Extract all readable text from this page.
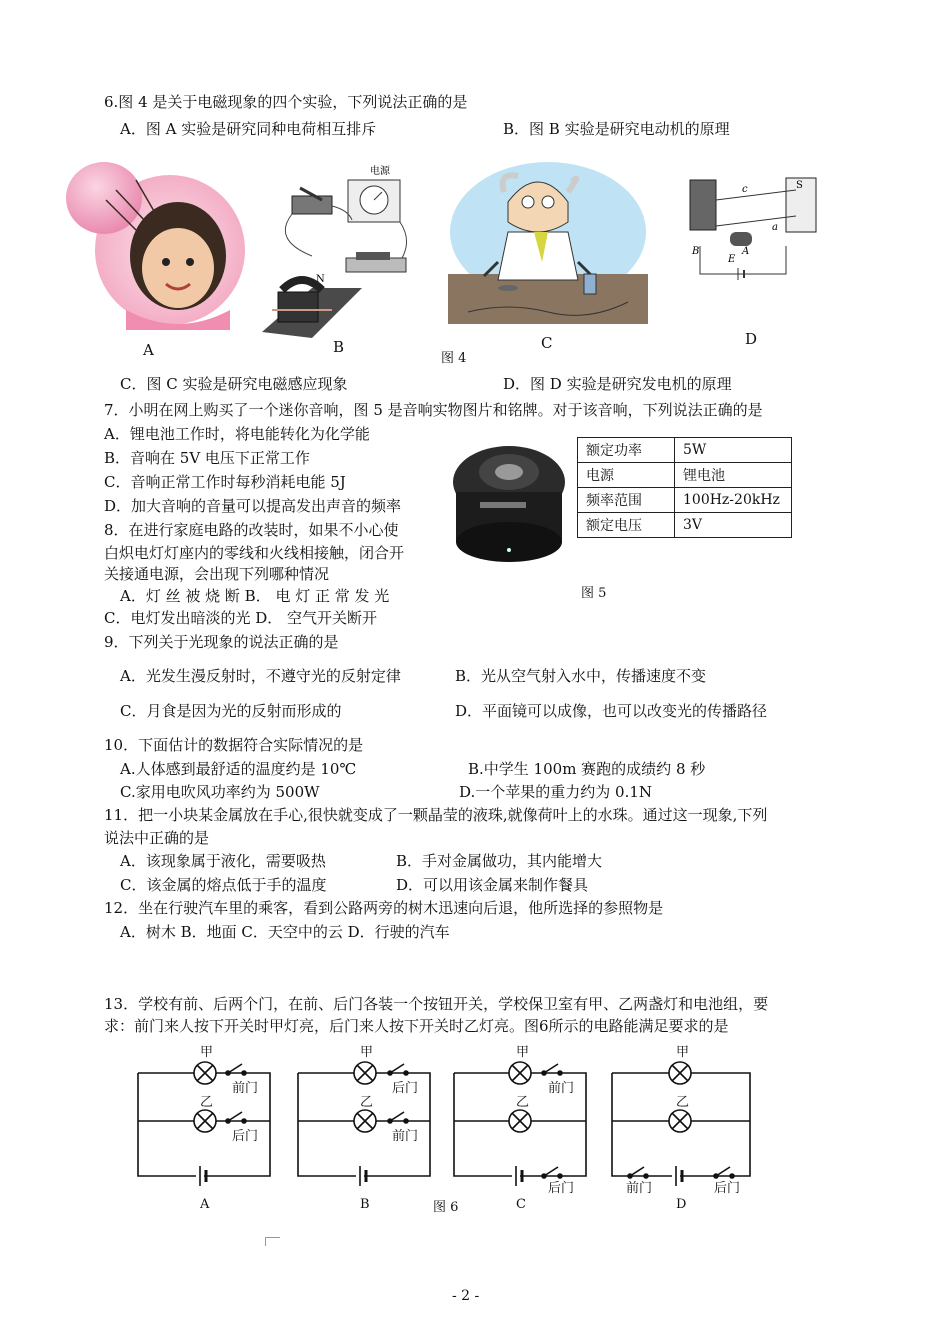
6.图 4 是关于电磁现象的四个实验，下列说法正确的是
A．图 A 实验是研究同种电荷相互排斥	B．图 B 实验是研究电动机的原理
A
电源
N
B	C
c	S
a
B
E
A
D
图 4
C．图 C 实验是研究电磁感应现象	D．图 D 实验是研究发电机的原理
7．小明在网上购买了一个迷你音响，图 5 是音响实物图片和铭牌。对于该音响，下列说法正确的是
A．锂电池工作时，将电能转化为化学能
B．音响在 5V 电压下正常工作
C．音响正常工作时每秒消耗电能 5J
D．加大音响的音量可以提高发出声音的频率
额定功率	5W
电源	锂电池
频率范围	100Hz-20kHz
额定电压	3V
图 5
8．在进行家庭电路的改装时，如果不小心使
白炽电灯灯座内的零线和火线相接触，闭合开
关接通电源，会出现下列哪种情况
A．灯 丝 被 烧 断 B． 电 灯 正 常 发 光
C．电灯发出暗淡的光 D． 空气开关断开
9．下列关于光现象的说法正确的是
A．光发生漫反射时，不遵守光的反射定律	B．光从空气射入水中，传播速度不变
C．月食是因为光的反射而形成的	D．平面镜可以成像，也可以改变光的传播路径
10．下面估计的数据符合实际情况的是
A.人体感到最舒适的温度约是 10℃	B.中学生 100m 赛跑的成绩约 8 秒
C.家用电吹风功率约为 500W	D.一个苹果的重力约为 0.1N
11．把一小块某金属放在手心,很快就变成了一颗晶莹的液珠,就像荷叶上的水珠。通过这一现象,下列
说法中正确的是
A．该现象属于液化，需要吸热	B．手对金属做功，其内能增大
C．该金属的熔点低于手的温度	D．可以用该金属来制作餐具
12．坐在行驶汽车里的乘客，看到公路两旁的树木迅速向后退，他所选择的参照物是
A．树木 B．地面 C．天空中的云 D．行驶的汽车
13．学校有前、后两个门，在前、后门各装一个按钮开关，学校保卫室有甲、乙两盏灯和电池组，要
求：前门来人按下开关时甲灯亮，后门来人按下开关时乙灯亮。图6所示的电路能满足要求的是
甲
乙
前门
后门
A
甲
乙
后门
前门
B
甲
乙
前门
后门
C
甲
乙
前门	后门
D
图 6
- 2 -
